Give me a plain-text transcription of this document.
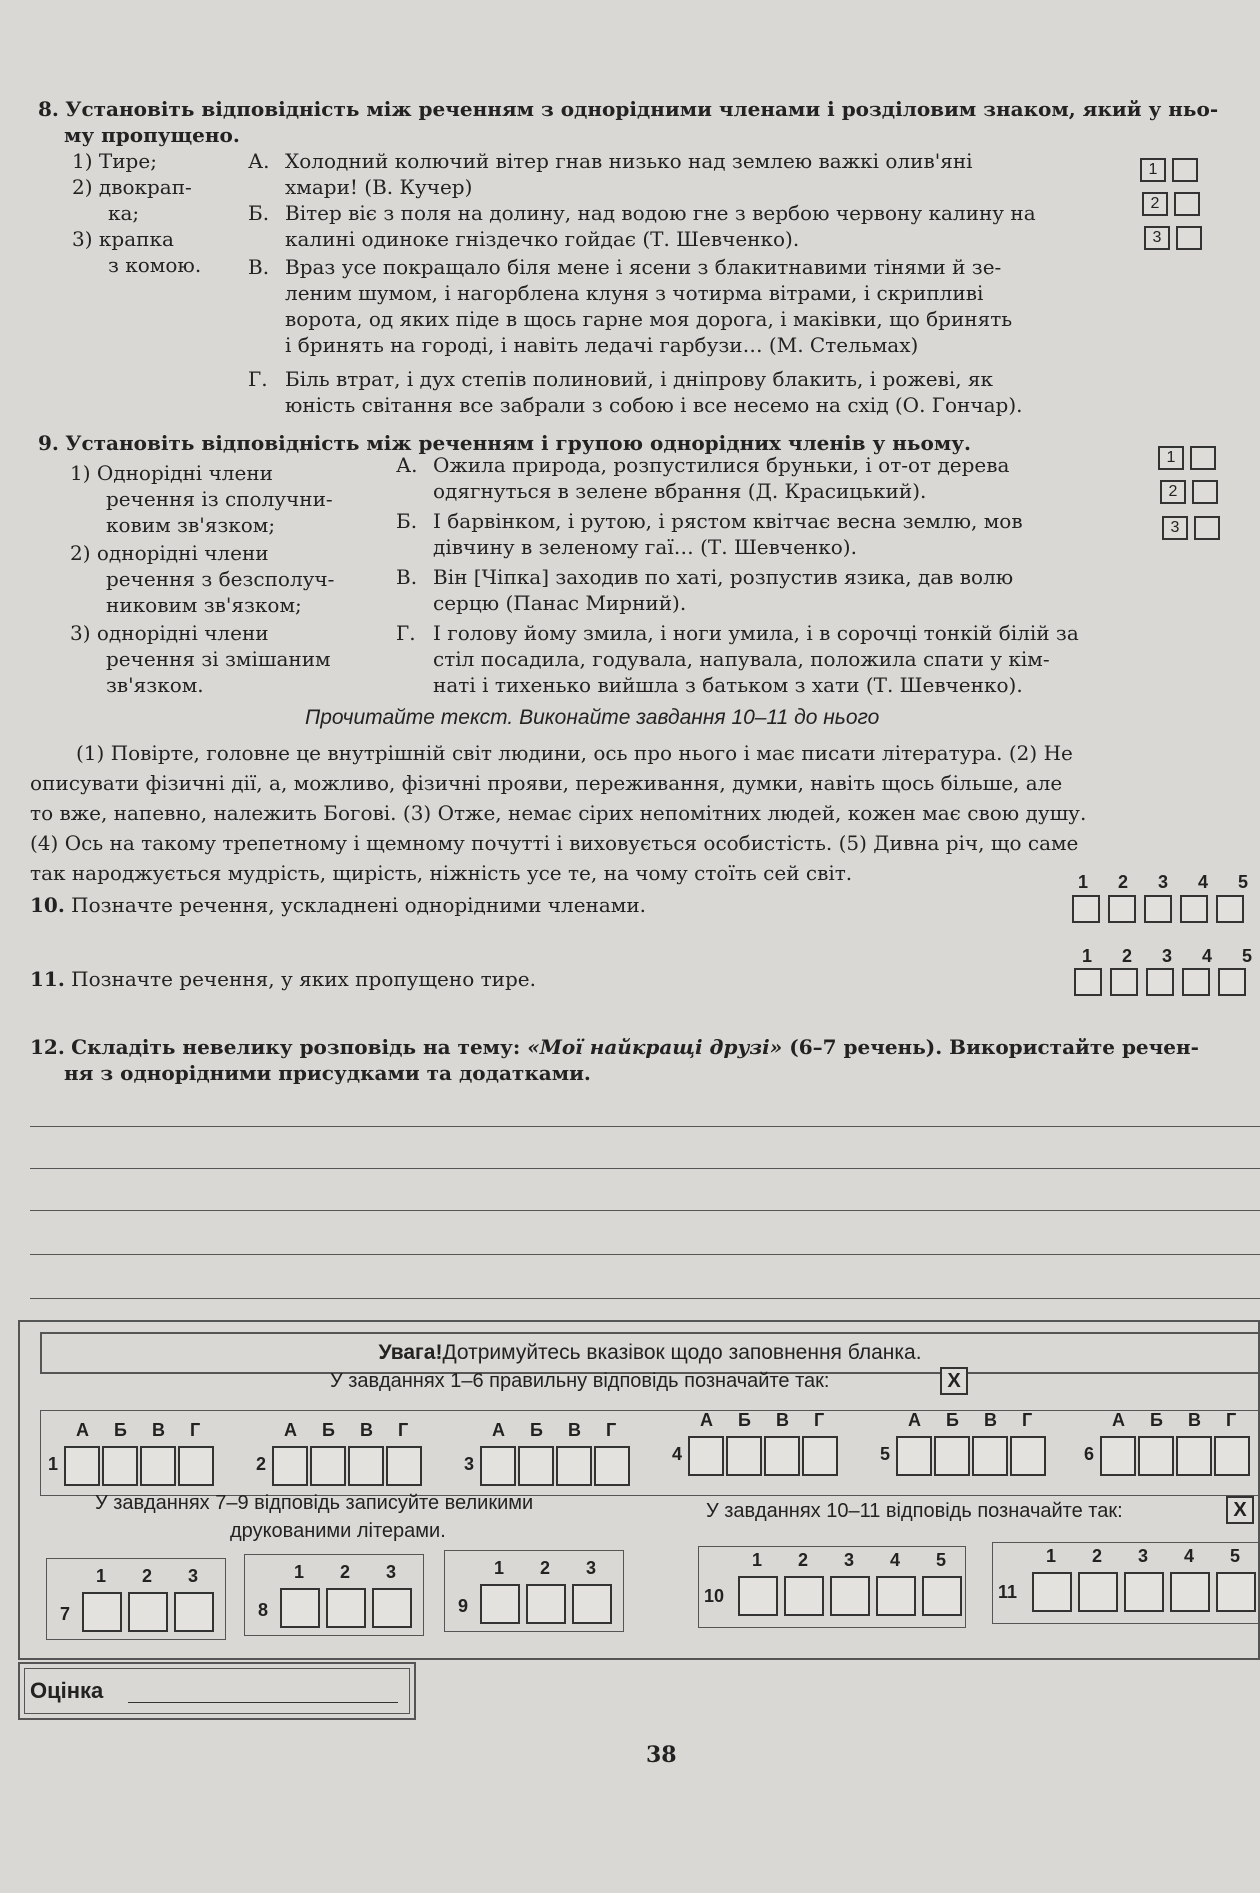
8. Установіть відповідність між реченням з однорідними членами і розділовим знаком, який у ньо-
му пропущено.
1) Тире;
2) двокрап-
ка;
3) крапка
з комою.
А. Холодний колючий вітер гнав низько над землею важкі олив'яні
хмари! (В. Кучер)
Б. Вітер віє з поля на долину, над водою гне з вербою червону калину на
калині одиноке гніздечко гойдає (Т. Шевченко).
В. Враз усе покращало біля мене і ясени з блакитнавими тінями й зе-
леним шумом, і нагорблена клуня з чотирма вітрами, і скрипливі
ворота, од яких піде в щось гарне моя дорога, і маківки, що бринять
і бринять на городі, і навіть ледачі гарбузи… (М. Стельмах)
Г. Біль втрат, і дух степів полиновий, і дніпрову блакить, і рожеві, як
юність світання все забрали з собою і все несемо на схід (О. Гончар).
1
2
3
9. Установіть відповідність між реченням і групою однорідних членів у ньому.
1) Однорідні члени
речення із сполучни-
ковим зв'язком;
2) однорідні члени
речення з безсполуч-
никовим зв'язком;
3) однорідні члени
речення зі змішаним
зв'язком.
А. Ожила природа, розпустилися бруньки, і от-от дерева
одягнуться в зелене вбрання (Д. Красицький).
Б. І барвінком, і рутою, і рястом квітчає весна землю, мов
дівчину в зеленому гаї… (Т. Шевченко).
В. Він [Чіпка] заходив по хаті, розпустив язика, дав волю
серцю (Панас Мирний).
Г. І голову йому змила, і ноги умила, і в сорочці тонкій білій за
стіл посадила, годувала, напувала, положила спати у кім-
наті і тихенько вийшла з батьком з хати (Т. Шевченко).
1
2
3
Прочитайте текст. Виконайте завдання 10–11 до нього
(1) Повірте, головне це внутрішній світ людини, ось про нього і має писати література. (2) Не
описувати фізичні дії, а, можливо, фізичні прояви, переживання, думки, навіть щось більше, але
то вже, напевно, належить Богові. (3) Отже, немає сірих непомітних людей, кожен має свою душу.
(4) Ось на такому трепетному і щемному почутті і виховується особистість. (5) Дивна річ, що саме
так народжується мудрість, щирість, ніжність усе те, на чому стоїть сей світ.
10. Позначте речення, ускладнені однорідними членами.
1 2 3 4 5
11. Позначте речення, у яких пропущено тире.
1 2 3 4 5
12. Складіть невелику розповідь на тему: «Мої найкращі друзі» (6–7 речень). Використайте речен-
ня з однорідними присудками та додатками.
Увага! Дотримуйтесь вказівок щодо заповнення бланка.
У завданнях 1–6 правильну відповідь позначайте так:	X
1
А Б В Г
2
А Б В Г
3
А Б В Г
4
А Б В Г
5
А Б В Г
6
А Б В Г
У завданнях 7–9 відповідь записуйте великими
друкованими літерами.
У завданнях 10–11 відповідь позначайте так:	X
7
1 2 3
8
1 2 3
9
1 2 3
10
1 2 3 4 5
11
1 2 3 4 5
Оцінка
38
